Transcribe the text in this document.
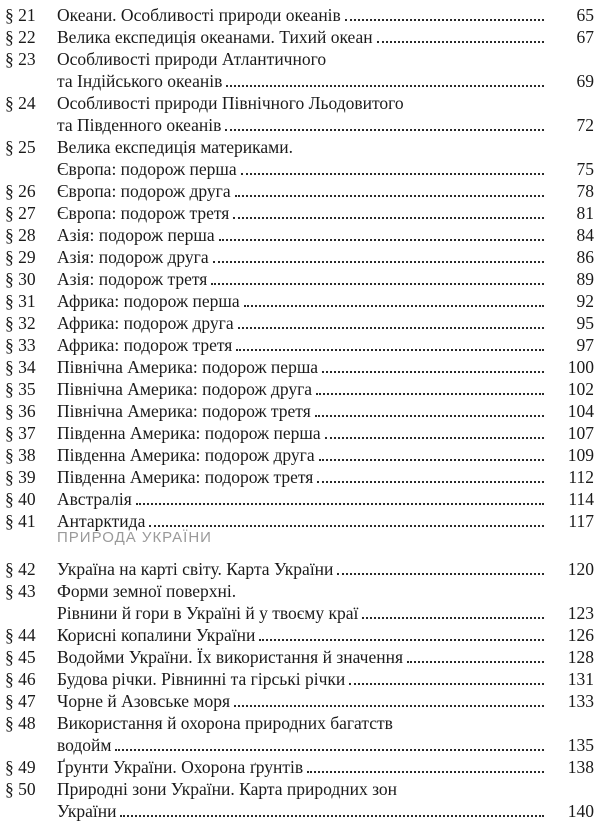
ПРИРОДА УКРАЇНИ
§ 21 Океани. Особливості природи океанів	65
§ 22 Велика експедиція океанами. Тихий океан	67
§ 23 Особливості природи Атлантичного
та Індійського океанів	69
§ 24 Особливості природи Північного Льодовитого
та Південного океанів	72
§ 25 Велика експедиція материками.
Європа: подорож перша	75
§ 26 Європа: подорож друга	78
§ 27 Європа: подорож третя	81
§ 28 Азія: подорож перша	84
§ 29 Азія: подорож друга	86
§ 30 Азія: подорож третя	89
§ 31 Африка: подорож перша	92
§ 32 Африка: подорож друга	95
§ 33 Африка: подорож третя	97
§ 34 Північна Америка: подорож перша	100
§ 35 Північна Америка: подорож друга	102
§ 36 Північна Америка: подорож третя	104
§ 37 Південна Америка: подорож перша	107
§ 38 Південна Америка: подорож друга	109
§ 39 Південна Америка: подорож третя	112
§ 40 Австралія	114
§ 41 Антарктида	117
§ 42 Україна на карті світу. Карта України	120
§ 43 Форми земної поверхні.
Рівнини й гори в Україні й у твоєму краї	123
§ 44 Корисні копалини України	126
§ 45 Водойми України. Їх використання й значення	128
§ 46 Будова річки. Рівнинні та гірські річки	131
§ 47 Чорне й Азовське моря	133
§ 48 Використання й охорона природних багатств
водойм	135
§ 49 Ґрунти України. Охорона ґрунтів	138
§ 50 Природні зони України. Карта природних зон
України	140
